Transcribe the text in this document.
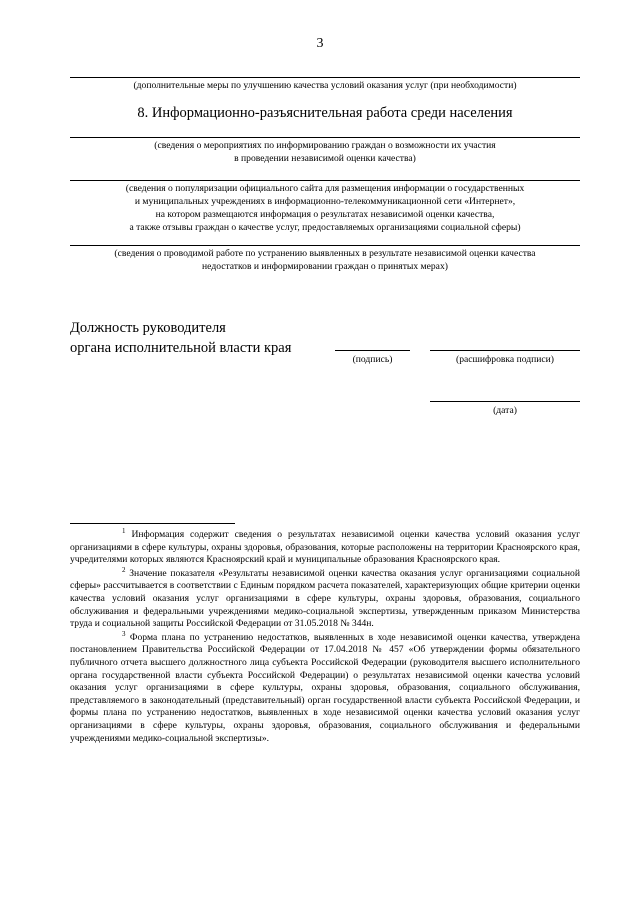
3
(дополнительные меры по улучшению качества условий оказания услуг (при необходимости)
8. Информационно-разъяснительная работа среди населения
(сведения о мероприятиях по информированию граждан о возможности их участия
в проведении независимой оценки качества)
(сведения о популяризации официального сайта для размещения информации о государственных
и муниципальных учреждениях в информационно-телекоммуникационной сети «Интернет»,
на котором размещаются информация о результатах независимой оценки качества,
а также отзывы граждан о качестве услуг, предоставляемых организациями социальной сферы)
(сведения о проводимой работе по устранению выявленных в результате независимой оценки качества
недостатков и информировании граждан о принятых мерах)
Должность руководителя
органа исполнительной власти края
(подпись)	(расшифровка подписи)
(дата)
$^1$ Информация содержит сведения о результатах независимой оценки качества условий оказания услуг организациями в сфере культуры, охраны здоровья, образования, которые расположены на территории Красноярского края, учредителями которых являются Красноярский край и муниципальные образования Красноярского края.
$^2$ Значение показателя «Результаты независимой оценки качества оказания услуг организациями социальной сферы» рассчитывается в соответствии с Единым порядком расчета показателей, характеризующих общие критерии оценки качества условий оказания услуг организациями в сфере культуры, охраны здоровья, образования, социального обслуживания и федеральными учреждениями медико-социальной экспертизы, утвержденным приказом Министерства труда и социальной защиты Российской Федерации от 31.05.2018 № 344н.
$^3$ Форма плана по устранению недостатков, выявленных в ходе независимой оценки качества, утверждена постановлением Правительства Российской Федерации от 17.04.2018 № 457 «Об утверждении формы обязательного публичного отчета высшего должностного лица субъекта Российской Федерации (руководителя высшего исполнительного органа государственной власти субъекта Российской Федерации) о результатах независимой оценки качества условий оказания услуг организациями в сфере культуры, охраны здоровья, образования, социального обслуживания, представляемого в законодательный (представительный) орган государственной власти субъекта Российской Федерации, и формы плана по устранению недостатков, выявленных в ходе независимой оценки качества условий оказания услуг организациями в сфере культуры, охраны здоровья, образования, социального обслуживания и федеральными учреждениями медико-социальной экспертизы».
